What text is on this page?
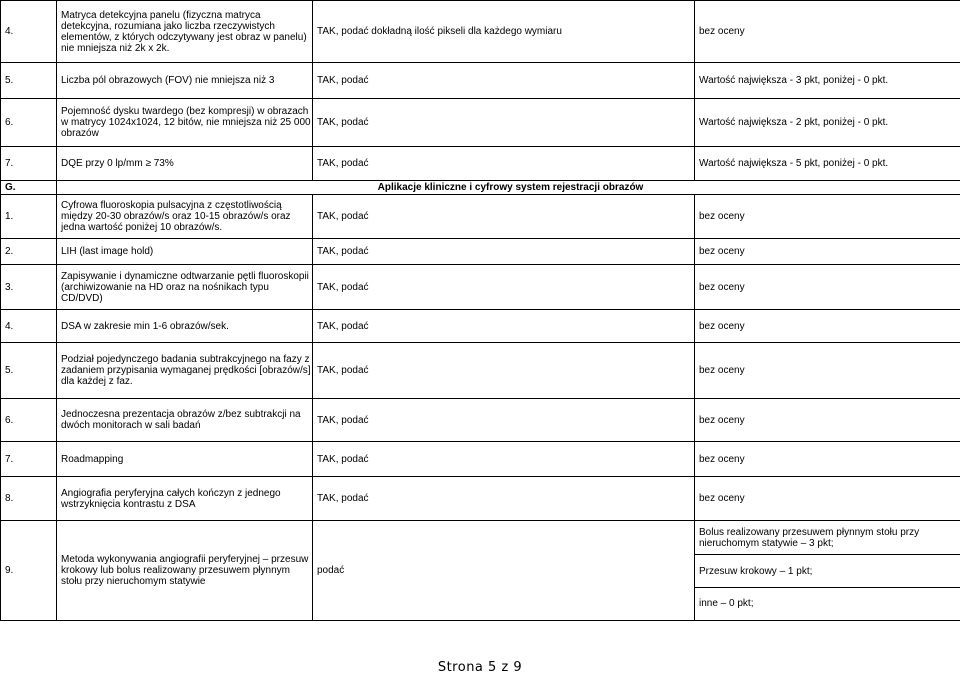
4.	Matryca detekcyjna panelu (fizyczna matryca detekcyjna, rozumiana jako liczba rzeczywistych elementów, z których odczytywany jest obraz w panelu) nie mniejsza niż 2k x 2k.	TAK, podać dokładną ilość pikseli dla każdego wymiaru	bez oceny
5.	Liczba pól obrazowych (FOV) nie mniejsza niż 3	TAK, podać	Wartość największa - 3 pkt, poniżej - 0 pkt.
6.	Pojemność dysku twardego (bez kompresji) w obrazach w matrycy 1024x1024, 12 bitów, nie mniejsza niż 25 000 obrazów	TAK, podać	Wartość największa - 2 pkt, poniżej - 0 pkt.
7.	DQE przy 0 lp/mm ≥ 73%	TAK, podać	Wartość największa - 5 pkt, poniżej - 0 pkt.
G.	Aplikacje kliniczne i cyfrowy system rejestracji obrazów
1.	Cyfrowa fluoroskopia pulsacyjna z częstotliwością między 20-30 obrazów/s oraz 10-15 obrazów/s oraz jedna wartość poniżej 10 obrazów/s.	TAK, podać	bez oceny
2.	LIH (last image hold)	TAK, podać	bez oceny
3.	Zapisywanie i dynamiczne odtwarzanie pętli fluoroskopii (archiwizowanie na HD oraz na nośnikach typu CD/DVD)	TAK, podać	bez oceny
4.	DSA w zakresie min 1-6 obrazów/sek.	TAK, podać	bez oceny
5.	Podział pojedynczego badania subtrakcyjnego na fazy z zadaniem przypisania wymaganej prędkości [obrazów/s] dla każdej z faz.	TAK, podać	bez oceny
6.	Jednoczesna prezentacja obrazów z/bez subtrakcji na dwóch monitorach w sali badań	TAK, podać	bez oceny
7.	Roadmapping	TAK, podać	bez oceny
8.	Angiografia peryferyjna całych kończyn z jednego wstrzyknięcia kontrastu z DSA	TAK, podać	bez oceny
9.	Metoda wykonywania angiografii peryferyjnej – przesuw krokowy lub bolus realizowany przesuwem płynnym stołu przy nieruchomym statywie	podać	
Bolus realizowany przesuwem płynnym stołu przy nieruchomym statywie – 3 pkt;
Przesuw krokowy – 1 pkt;
inne – 0 pkt;
Strona 5 z 9
